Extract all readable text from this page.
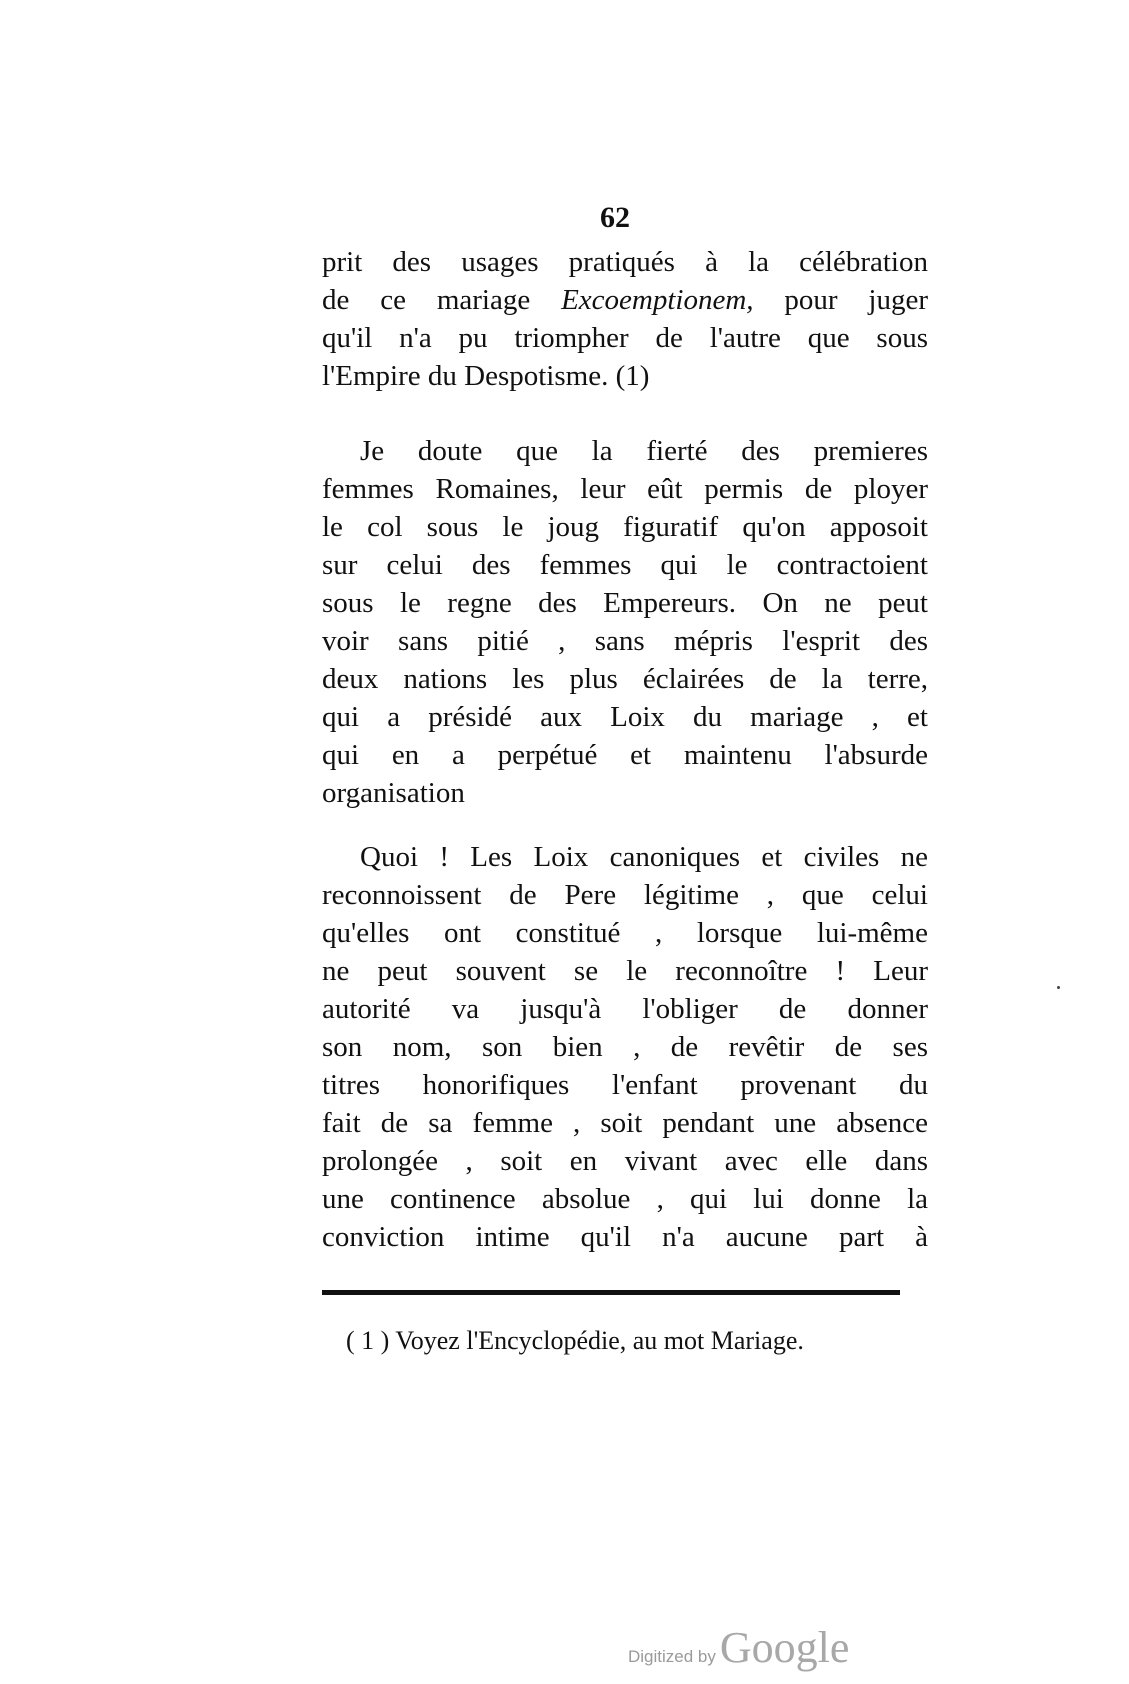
62
prit des usages pratiqués à la célébration
de ce mariage Excoemptionem, pour juger
qu'il n'a pu triompher de l'autre que sous
l'Empire du Despotisme. (1)
Je doute que la fierté des premieres
femmes Romaines, leur eût permis de ployer
le col sous le joug figuratif qu'on apposoit
sur celui des femmes qui le contractoient
sous le regne des Empereurs. On ne peut
voir sans pitié , sans mépris l'esprit des
deux nations les plus éclairées de la terre,
qui a présidé aux Loix du mariage , et
qui en a perpétué et maintenu l'absurde
organisation
Quoi ! Les Loix canoniques et civiles ne
reconnoissent de Pere légitime , que celui
qu'elles ont constitué , lorsque lui-même
ne peut souvent se le reconnoître ! Leur
autorité va jusqu'à l'obliger de donner
son nom, son bien , de revêtir de ses
titres honorifiques l'enfant provenant du
fait de sa femme , soit pendant une absence
prolongée , soit en vivant avec elle dans
une continence absolue , qui lui donne la
conviction intime qu'il n'a aucune part à
( 1 ) Voyez l'Encyclopédie, au mot Mariage.
Digitized by Google
